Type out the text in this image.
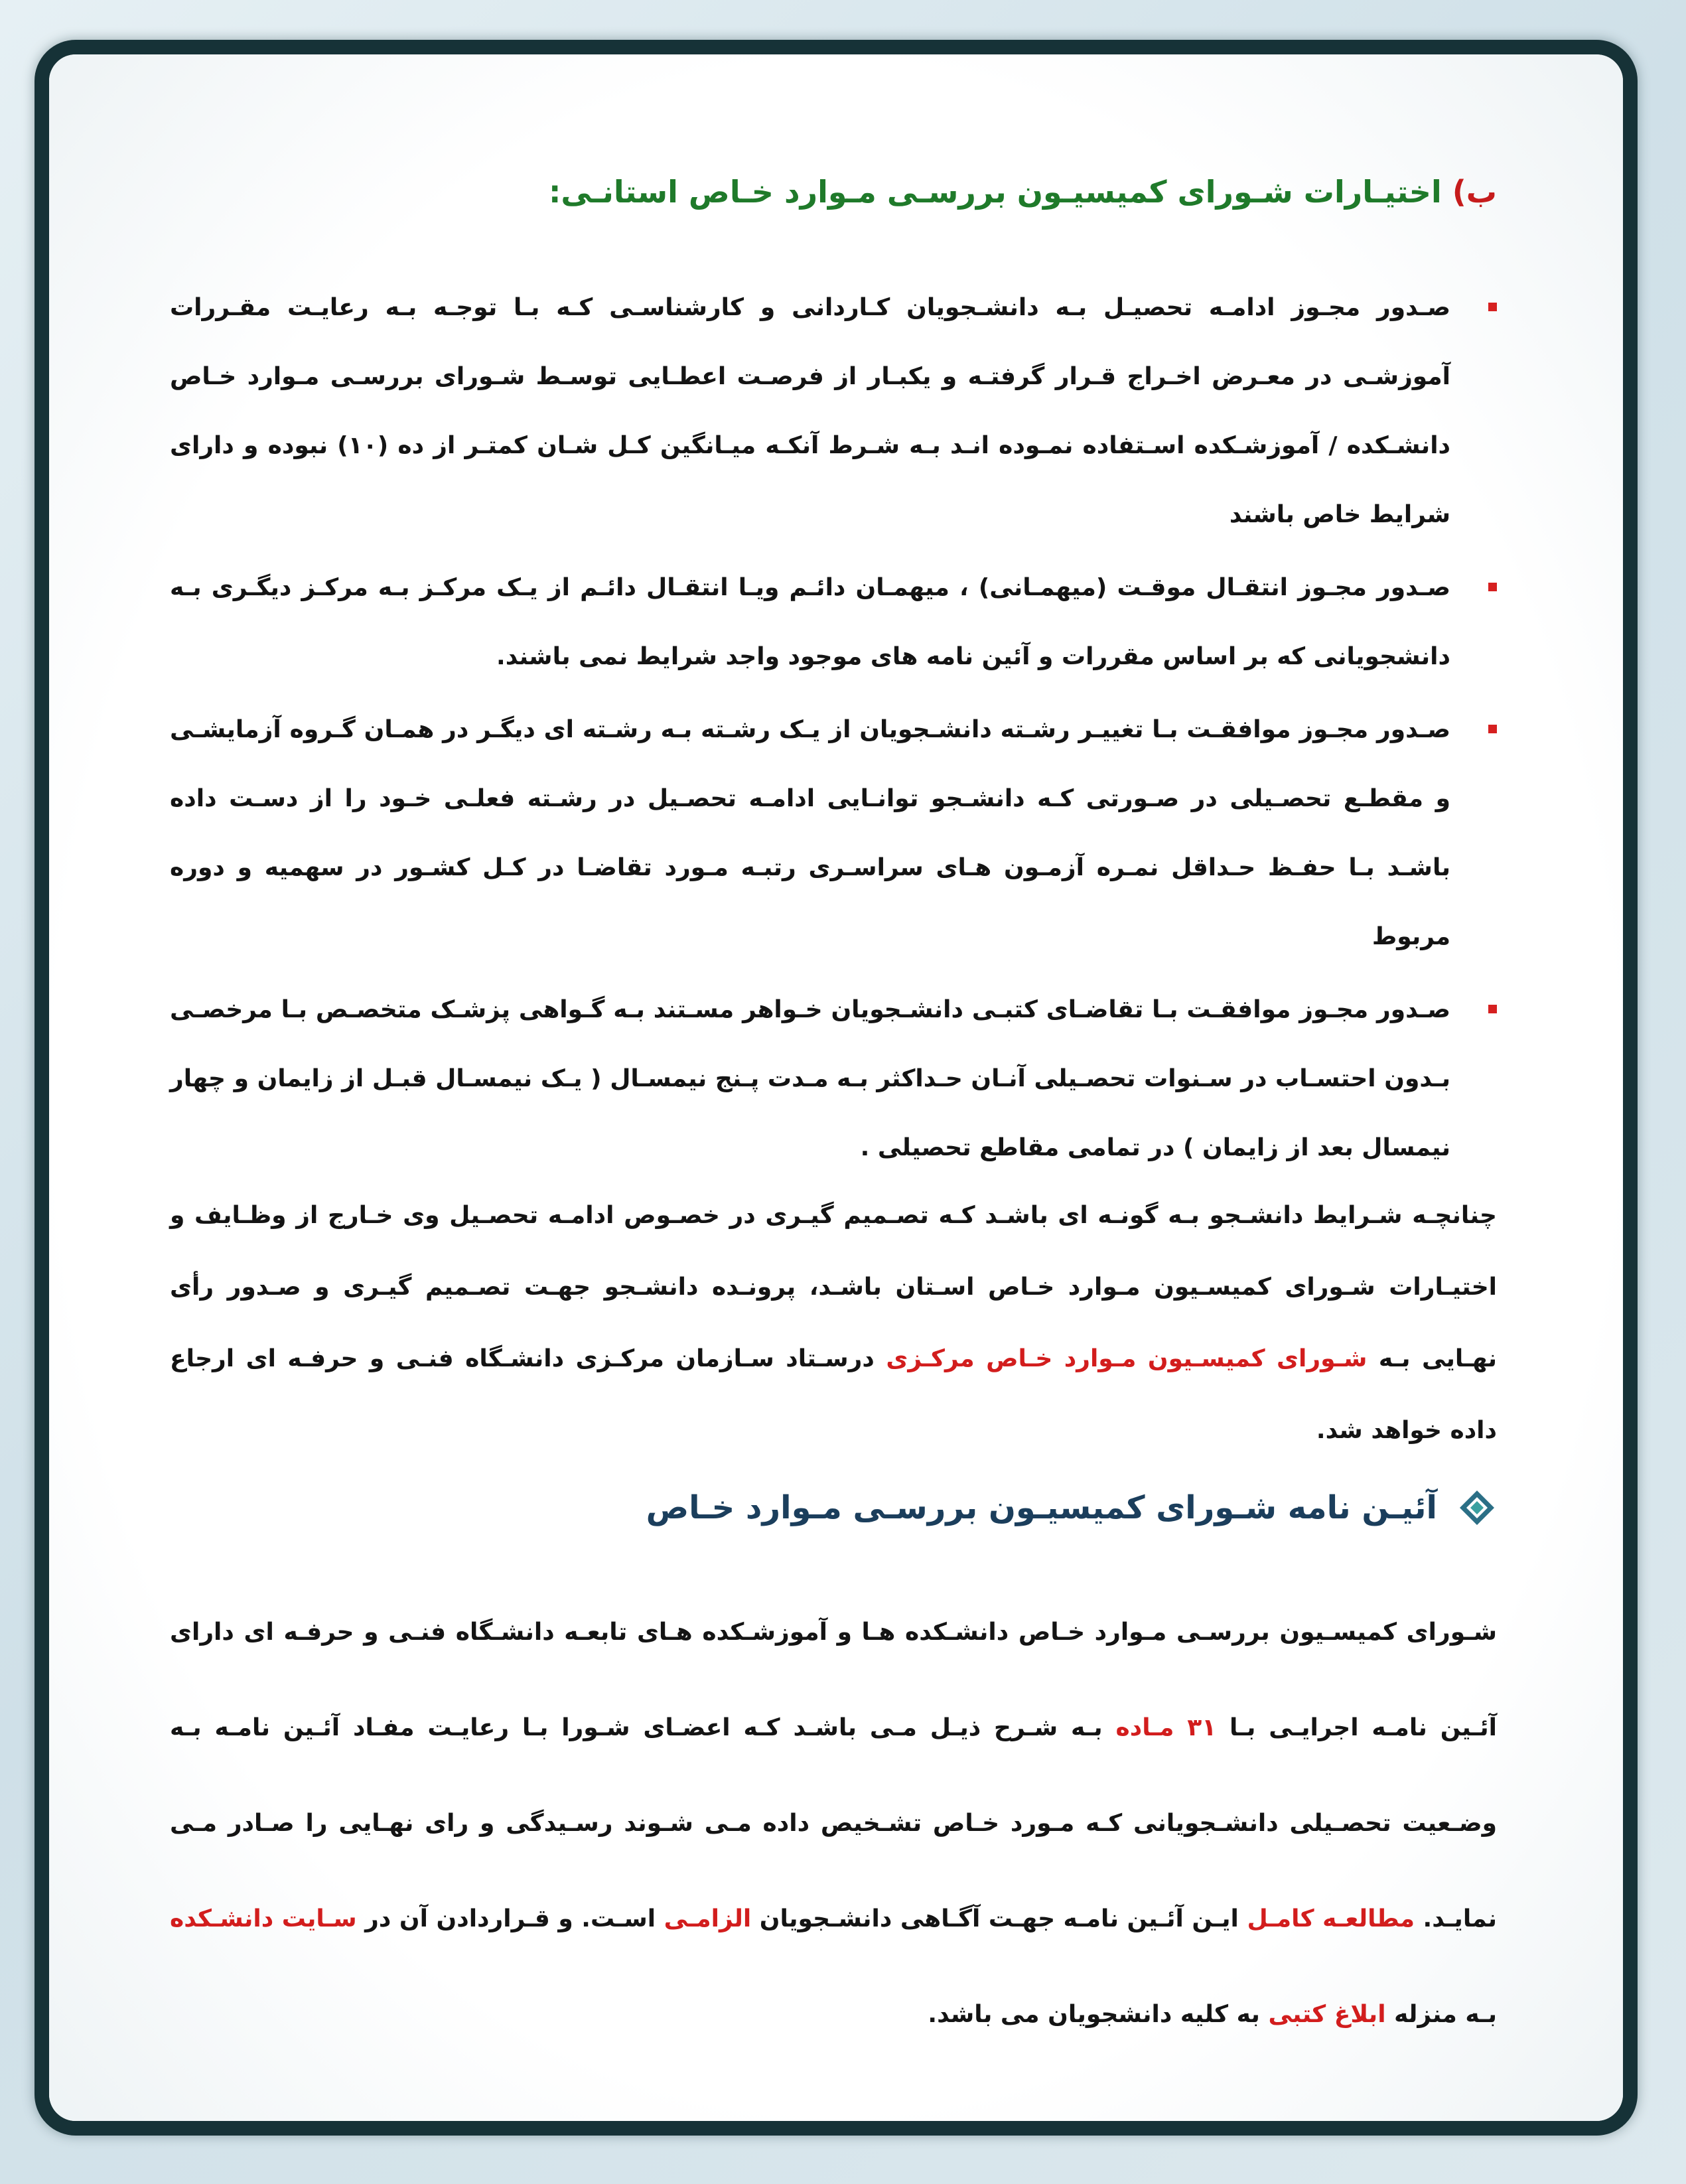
ب) اختیـارات شـورای کمیسیـون بررسـی مـوارد خـاص استانـی:
صـدور مجـوز ادامـه تحصیـل بـه دانشـجویان کـاردانی و کارشناسـی کـه بـا توجـه بـه رعایـت مقـررات آموزشـی در معـرض اخـراج قـرار گرفتـه و یکبـار از فرصـت اعطـایی توسـط شـورای بررسـی مـوارد خـاص دانشـکده / آموزشـکده اسـتفاده نمـوده انـد بـه شـرط آنکـه میـانگین کـل شـان کمتـر از ده (۱۰) نبوده و دارای شرایط خاص باشند
صـدور مجـوز انتقـال موقـت (میهمـانی) ، میهمـان دائـم ویـا انتقـال دائـم از یـک مرکـز بـه مرکـز دیگـری بـه دانشجویانی که بر اساس مقررات و آئین نامه های موجود واجد شرایط نمی باشند.
صـدور مجـوز موافقـت بـا تغییـر رشـته دانشـجویان از یـک رشـته بـه رشـته ای دیگـر در همـان گـروه آزمایشـی و مقطـع تحصـیلی در صـورتی کـه دانشـجو توانـایی ادامـه تحصـیل در رشـته فعلـی خـود را از دسـت داده باشـد بـا حفـظ حـداقل نمـره آزمـون هـای سراسـری رتبـه مـورد تقاضـا در کـل کشـور در سهمیه و دوره مربوط
صـدور مجـوز موافقـت بـا تقاضـای کتبـی دانشـجویان خـواهر مسـتند بـه گـواهی پزشـک متخصـص بـا مرخصـی بـدون احتسـاب در سـنوات تحصـیلی آنـان حـداکثر بـه مـدت پـنج نیمسـال ( یـک نیمسـال قبـل از زایمان و چهار نیمسال بعد از زایمان ) در تمامی مقاطع تحصیلی .

چنانچـه شـرایط دانشـجو بـه گونـه ای باشـد کـه تصـمیم گیـری در خصـوص ادامـه تحصـیل وی خـارج از وظـایف و اختیـارات شـورای کمیسـیون مـوارد خـاص اسـتان باشـد، پرونـده دانشـجو جهـت تصـمیم گیـری و صـدور رأی نهـایی بـه شـورای کمیسـیون مـوارد خـاص مرکـزی درسـتاد سـازمان مرکـزی دانشـگاه فنـی و حرفـه ای ارجاع داده خواهد شد.

آئیـن نامه شـورای کمیسیـون بررسـی مـوارد خـاص

شـورای کمیسـیون بررسـی مـوارد خـاص دانشـکده هـا و آموزشـکده هـای تابعـه دانشـگاه فنـی و حرفـه ای دارای آئـین نامـه اجرایـی بـا ۳۱ مـاده بـه شـرح ذیـل مـی باشـد کـه اعضـای شـورا بـا رعایـت مفـاد آئـین نامـه بـه وضـعیت تحصـیلی دانشـجویانی کـه مـورد خـاص تشـخیص داده مـی شـوند رسـیدگی و رای نهـایی را صـادر مـی نمایـد. مطالعـه کامـل ایـن آئـین نامـه جهـت آگـاهی دانشـجویان الزامـی اسـت. و قـراردادن آن در سـایت دانشـکده بـه منزله ابلاغ کتبی به کلیه دانشجویان می باشد.
